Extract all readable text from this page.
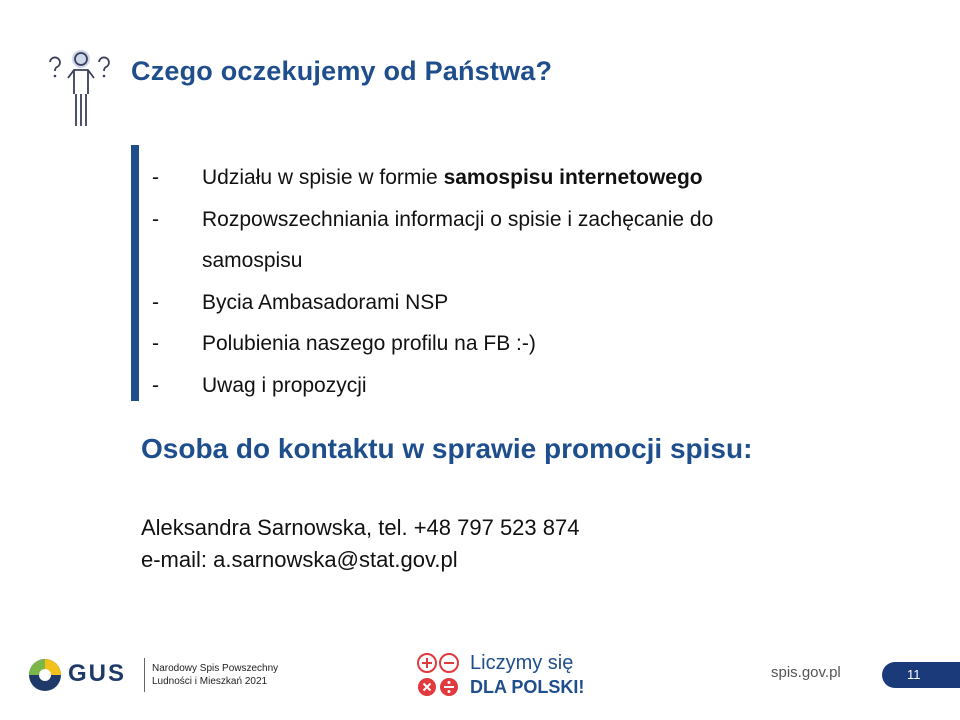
Czego oczekujemy od Państwa?
-	Udziału w spisie w formie samospisu internetowego
-	Rozpowszechniania informacji o spisie i zachęcanie do
samospisu
-	Bycia Ambasadorami NSP
-	Polubienia naszego profilu na FB :-)
-	Uwag i propozycji
Osoba do kontaktu w sprawie promocji spisu:
Aleksandra Sarnowska, tel. +48 797 523 874
e-mail: a.sarnowska@stat.gov.pl
GUS	Narodowy Spis Powszechny
Ludności i Mieszkań 2021
Liczymy się
DLA POLSKI!
spis.gov.pl	11
